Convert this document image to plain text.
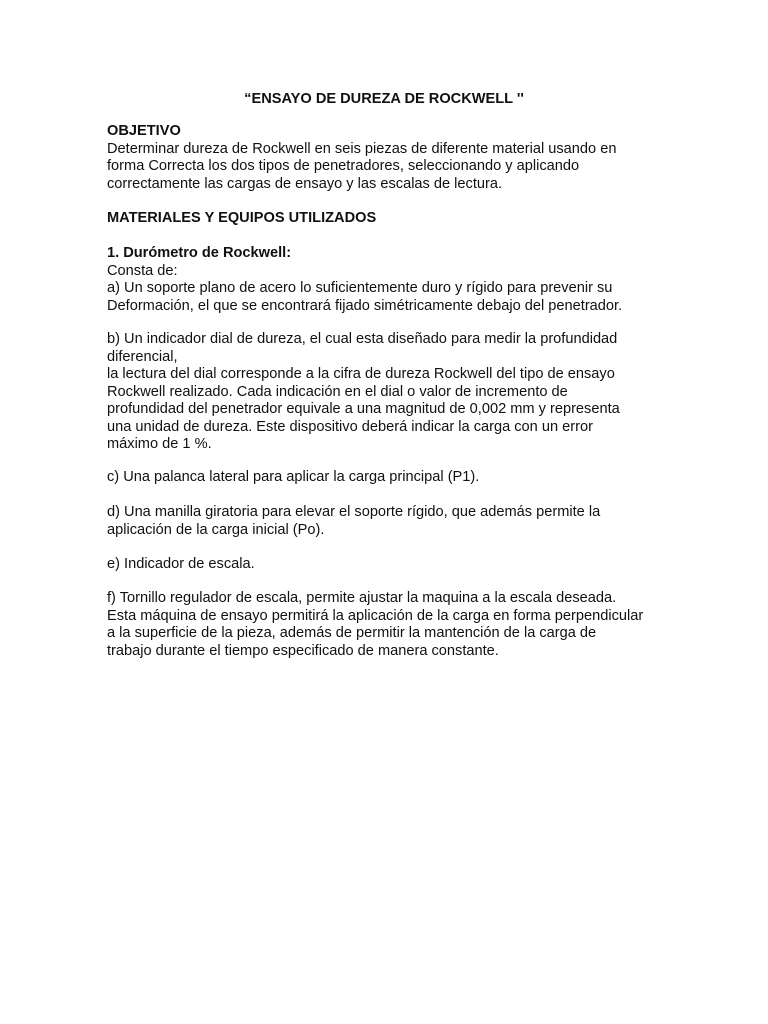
“ENSAYO DE DUREZA DE ROCKWELL ''
OBJETIVO
Determinar dureza de Rockwell en seis piezas de diferente material usando en
forma Correcta los dos tipos de penetradores, seleccionando y aplicando
correctamente las cargas de ensayo y las escalas de lectura.
MATERIALES Y EQUIPOS UTILIZADOS
1. Durómetro de Rockwell:
Consta de:
a) Un soporte plano de acero lo suficientemente duro y rígido para prevenir su
Deformación, el que se encontrará fijado simétricamente debajo del penetrador.
b) Un indicador dial de dureza, el cual esta diseñado para medir la profundidad
diferencial,
la lectura del dial corresponde a la cifra de dureza Rockwell del tipo de ensayo
Rockwell realizado. Cada indicación en el dial o valor de incremento de
profundidad del penetrador equivale a una magnitud de 0,002 mm y representa
una unidad de dureza. Este dispositivo deberá indicar la carga con un error
máximo de 1 %.
c) Una palanca lateral para aplicar la carga principal (P1).
d) Una manilla giratoria para elevar el soporte rígido, que además permite la
aplicación de la carga inicial (Po).
e) Indicador de escala.
f) Tornillo regulador de escala, permite ajustar la maquina a la escala deseada.
Esta máquina de ensayo permitirá la aplicación de la carga en forma perpendicular
a la superficie de la pieza, además de permitir la mantención de la carga de
trabajo durante el tiempo especificado de manera constante.
